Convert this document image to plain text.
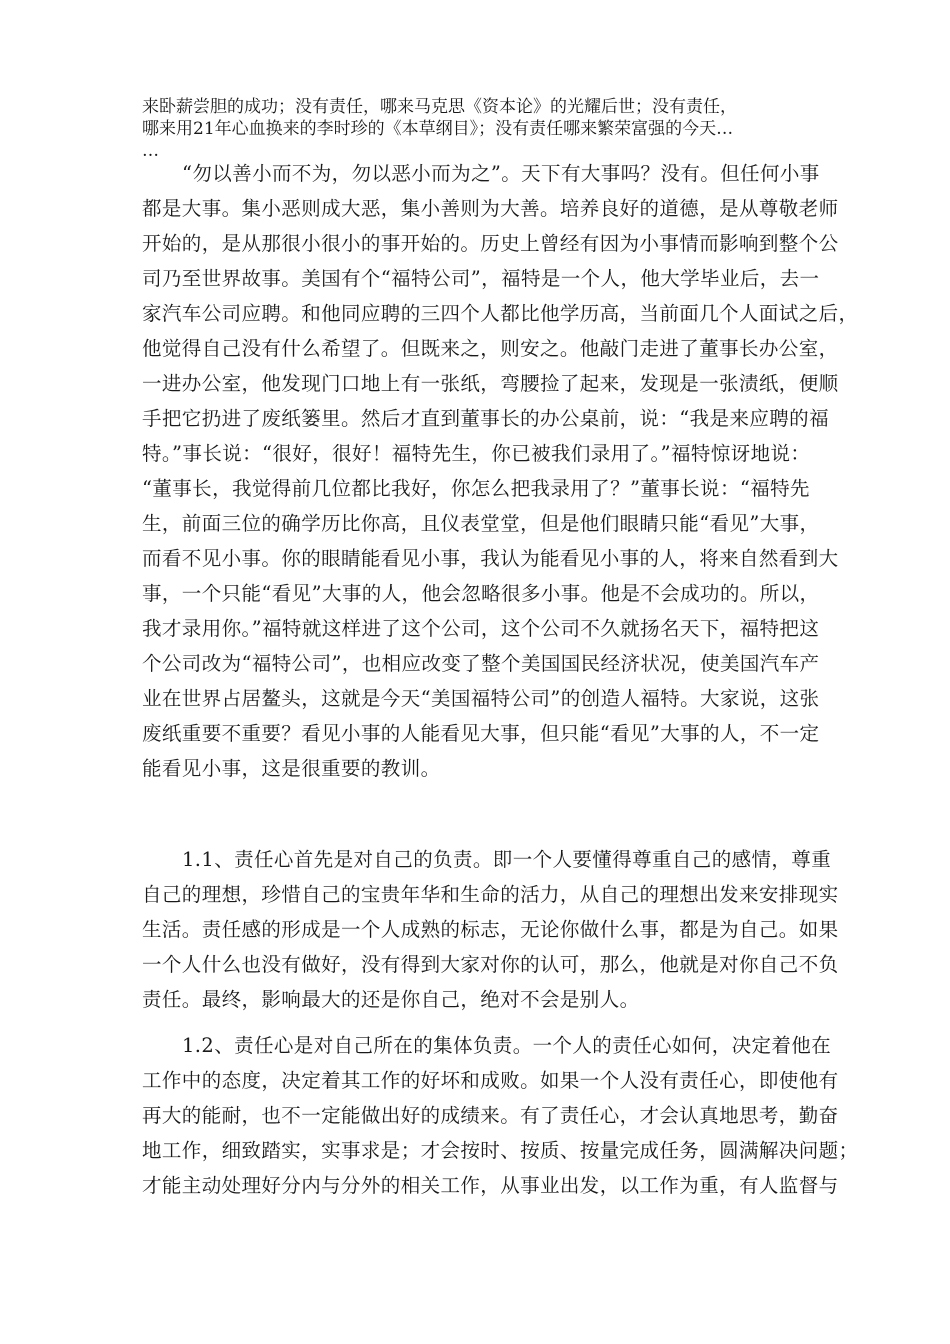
来卧薪尝胆的成功；没有责任，哪来马克思《资本论》的光耀后世；没有责任，
哪来用21年心血换来的李时珍的《本草纲目》；没有责任哪来繁荣富强的今天…
…
“勿以善小而不为，勿以恶小而为之”。天下有大事吗？没有。但任何小事
都是大事。集小恶则成大恶，集小善则为大善。培养良好的道德，是从尊敬老师
开始的，是从那很小很小的事开始的。历史上曾经有因为小事情而影响到整个公
司乃至世界故事。美国有个“福特公司”，福特是一个人，他大学毕业后，去一
家汽车公司应聘。和他同应聘的三四个人都比他学历高，当前面几个人面试之后，
他觉得自己没有什么希望了。但既来之，则安之。他敲门走进了董事长办公室，
一进办公室，他发现门口地上有一张纸，弯腰捡了起来，发现是一张渍纸，便顺
手把它扔进了废纸篓里。然后才直到董事长的办公桌前，说：“我是来应聘的福
特。”事长说：“很好，很好！福特先生，你已被我们录用了。”福特惊讶地说：
“董事长，我觉得前几位都比我好，你怎么把我录用了？”董事长说：“福特先
生，前面三位的确学历比你高，且仪表堂堂，但是他们眼睛只能“看见”大事，
而看不见小事。你的眼睛能看见小事，我认为能看见小事的人，将来自然看到大
事，一个只能“看见”大事的人，他会忽略很多小事。他是不会成功的。所以，
我才录用你。”福特就这样进了这个公司，这个公司不久就扬名天下，福特把这
个公司改为“福特公司”，也相应改变了整个美国国民经济状况，使美国汽车产
业在世界占居鳌头，这就是今天“美国福特公司”的创造人福特。大家说，这张
废纸重要不重要？看见小事的人能看见大事，但只能“看见”大事的人，不一定
能看见小事，这是很重要的教训。
1.1、责任心首先是对自己的负责。即一个人要懂得尊重自己的感情，尊重
自己的理想，珍惜自己的宝贵年华和生命的活力，从自己的理想出发来安排现实
生活。责任感的形成是一个人成熟的标志，无论你做什么事，都是为自己。如果
一个人什么也没有做好，没有得到大家对你的认可，那么，他就是对你自己不负
责任。最终，影响最大的还是你自己，绝对不会是别人。
1.2、责任心是对自己所在的集体负责。一个人的责任心如何，决定着他在
工作中的态度，决定着其工作的好坏和成败。如果一个人没有责任心，即使他有
再大的能耐，也不一定能做出好的成绩来。有了责任心，才会认真地思考，勤奋
地工作，细致踏实，实事求是；才会按时、按质、按量完成任务，圆满解决问题；
才能主动处理好分内与分外的相关工作，从事业出发，以工作为重，有人监督与
